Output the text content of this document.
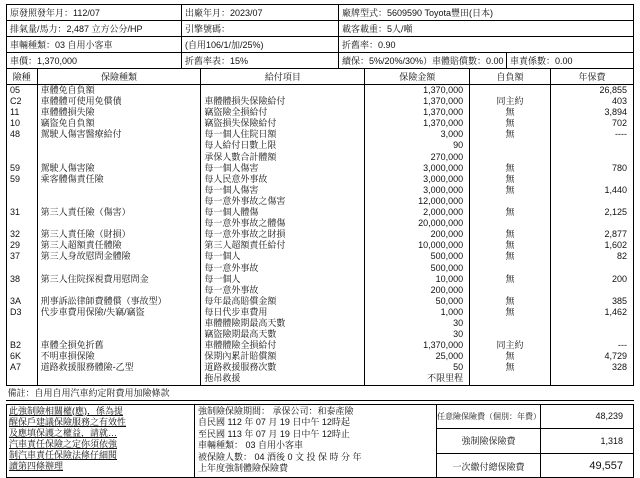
原發照發年月：112/07	出廠年月：2023/07	廠牌型式：5609590 Toyota豐田(日本)
排氣量/馬力：2,487 立方公分/HP	引擎號碼：	載客載重：5人/噸
車輛種類：03 自用小客車	(自用106/1/加/25%)	折舊率：0.90
車價：1,370,000	折舊率表：15%	續保：5%/20%/30%）車體賠償數：0.00 車責係數：0.00
險種	保險種類	給付項目	保險金額	自負額	年保費
05	車體免自負額		1,370,000		26,855
C2	車體體可使用免償債	車體體損失保險給付	1,370,000	同主約	403
11	車體體損失險	竊盜險全損給付	1,370,000	無	3,894
10	竊盜免自負額	竊盜損失保險給付	1,370,000	無	702
48	駕駛人傷害醫療給付	每一個人住院日額	3,000	無	----
		每人給付日數上限	90		
		承保人數合計體額	270,000		
59	駕駛人傷害險	每一個人傷害	3,000,000	無	780
59	乘客體傷責任險	每人民意外事故	3,000,000	無	
		每一個人傷害	3,000,000	無	1,440
		每一意外事故之傷害	12,000,000		
31	第三人責任險（傷害）	每一個人體傷	2,000,000	無	2,125
		每一意外事故之體傷	20,000,000		
32	第三人責任險（財損）	每一意外事故之財損	200,000	無	2,877
29	第三人超額責任體險	第三人超額責任給付	10,000,000	無	1,602
37	第三人身故慰問金體險	每一個人	500,000	無	82
		每一意外事故	500,000		
38	第三人住院探視費用慰問金	每一個人	10,000	無	200
		每一意外事故	200,000		
3A	刑事訴訟律師費體償（事故型）	每年最高賠償金額	50,000	無	385
D3	代步車費用保險/失竊/竊盜	每日代步車費用	1,000	無	1,462
		車體體險期最高天數	30		
		竊盜險期最高天數	30		
B2	車體全損免折舊	車體體險全損給付	1,370,000	同主約	---
6K	不明車損保險	保期內累計賠償額	25,000	無	4,729
A7	道路救援服務體險-乙型	道路救援服務次數	50	無	328
		拖吊救援	不限里程		
備註：自用自用汽車約定附費用加險條款					
此強制險相關權(應)，係為提
醒保戶建議保險服務之有效性
及應填保護之權益，請就…
汽車責任保險之定你須依強
制汽車責任保險法條仔細閱
讀第四條辦理
強制險保險期間： 承保公司：和泰產險
自民國 112 年 07 月 19 日中午 12時起
至民國 113 年 07 月 19 日中午 12時止
車輛種類： 03 自用小客車
被保險人數： 04 酒後 0 文 投 保 時 分 年
上年度強制體險保險費
任意險保險費（個別：年費）	48,239
強制險保險費	1,318
一次繳付總保險費	49,557
